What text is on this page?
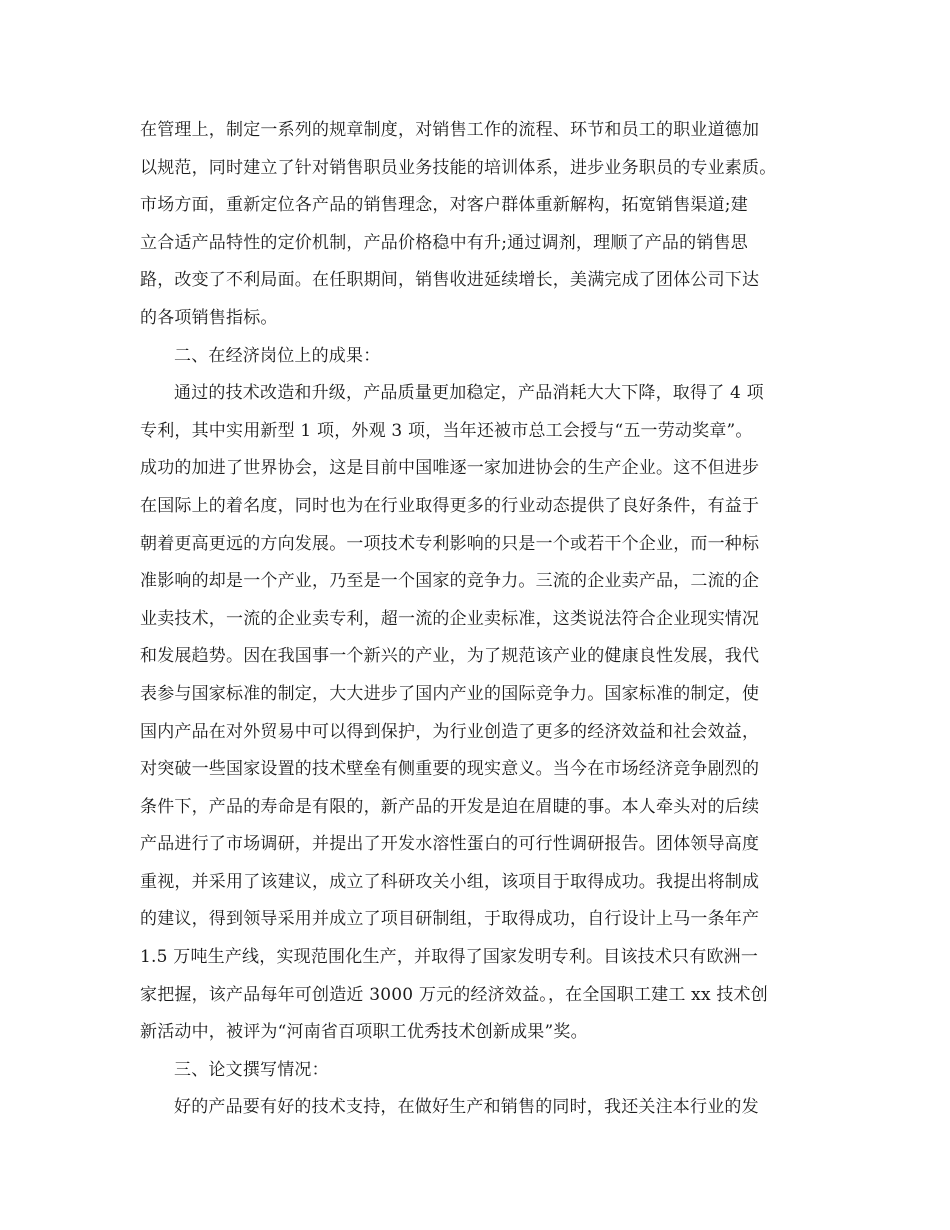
在管理上，制定一系列的规章制度，对销售工作的流程、环节和员工的职业道德加
以规范，同时建立了针对销售职员业务技能的培训体系，进步业务职员的专业素质。
市场方面，重新定位各产品的销售理念，对客户群体重新解构，拓宽销售渠道;建
立合适产品特性的定价机制，产品价格稳中有升;通过调剂，理顺了产品的销售思
路，改变了不利局面。在任职期间，销售收进延续增长，美满完成了团体公司下达
的各项销售指标。
二、在经济岗位上的成果：
通过的技术改造和升级，产品质量更加稳定，产品消耗大大下降，取得了 4 项
专利，其中实用新型 1 项，外观 3 项，当年还被市总工会授与“五一劳动奖章”。
成功的加进了世界协会，这是目前中国唯逐一家加进协会的生产企业。这不但进步
在国际上的着名度，同时也为在行业取得更多的行业动态提供了良好条件，有益于
朝着更高更远的方向发展。一项技术专利影响的只是一个或若干个企业，而一种标
准影响的却是一个产业，乃至是一个国家的竞争力。三流的企业卖产品，二流的企
业卖技术，一流的企业卖专利，超一流的企业卖标准，这类说法符合企业现实情况
和发展趋势。因在我国事一个新兴的产业，为了规范该产业的健康良性发展，我代
表参与国家标准的制定，大大进步了国内产业的国际竞争力。国家标准的制定，使
国内产品在对外贸易中可以得到保护，为行业创造了更多的经济效益和社会效益，
对突破一些国家设置的技术壁垒有侧重要的现实意义。当今在市场经济竞争剧烈的
条件下，产品的寿命是有限的，新产品的开发是迫在眉睫的事。本人牵头对的后续
产品进行了市场调研，并提出了开发水溶性蛋白的可行性调研报告。团体领导高度
重视，并采用了该建议，成立了科研攻关小组，该项目于取得成功。我提出将制成
的建议，得到领导采用并成立了项目研制组，于取得成功，自行设计上马一条年产
1.5 万吨生产线，实现范围化生产，并取得了国家发明专利。目该技术只有欧洲一
家把握，该产品每年可创造近 3000 万元的经济效益。，在全国职工建工 xx 技术创
新活动中，被评为“河南省百项职工优秀技术创新成果”奖。
三、论文撰写情况：
好的产品要有好的技术支持，在做好生产和销售的同时，我还关注本行业的发
